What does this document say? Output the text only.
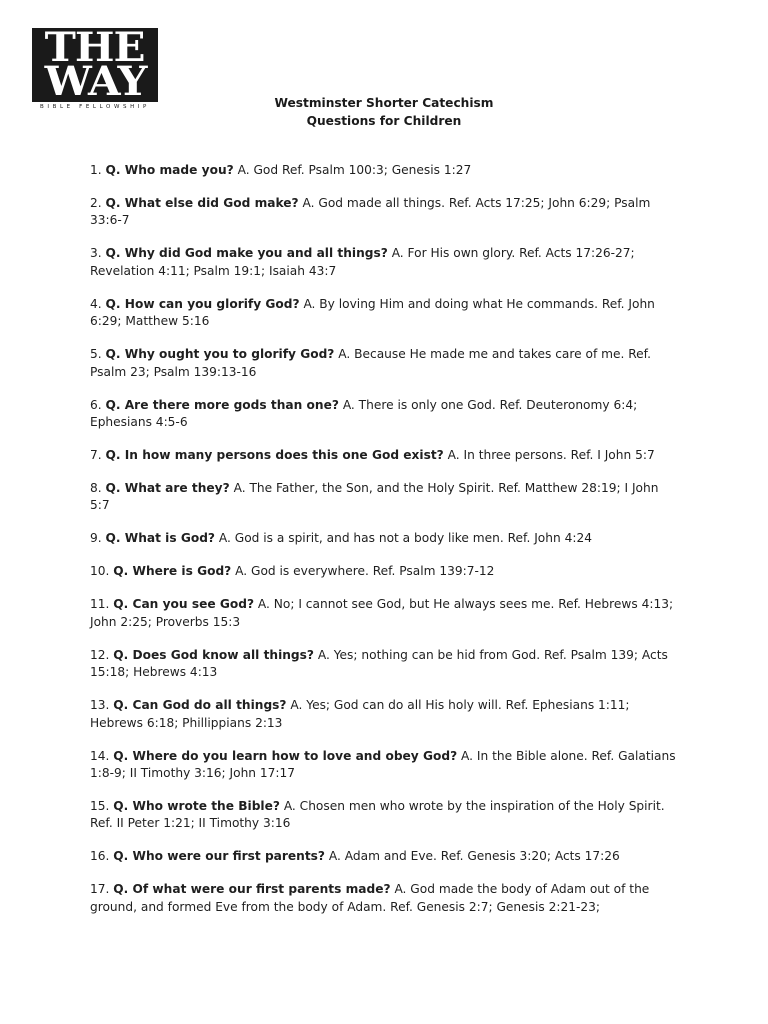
THE
WAY
BIBLE FELLOWSHIP	Westminster Shorter Catechism
Questions for Children
1. Q. Who made you? A. God Ref. Psalm 100:3; Genesis 1:27
2. Q. What else did God make? A. God made all things. Ref. Acts 17:25; John 6:29; Psalm 33:6-7
3. Q. Why did God make you and all things? A. For His own glory. Ref. Acts 17:26-27; Revelation 4:11; Psalm 19:1; Isaiah 43:7
4. Q. How can you glorify God? A. By loving Him and doing what He commands. Ref. John 6:29; Matthew 5:16
5. Q. Why ought you to glorify God? A. Because He made me and takes care of me. Ref. Psalm 23; Psalm 139:13-16
6. Q. Are there more gods than one? A. There is only one God. Ref. Deuteronomy 6:4; Ephesians 4:5-6
7. Q. In how many persons does this one God exist? A. In three persons. Ref. I John 5:7
8. Q. What are they? A. The Father, the Son, and the Holy Spirit. Ref. Matthew 28:19; I John 5:7
9. Q. What is God? A. God is a spirit, and has not a body like men. Ref. John 4:24
10. Q. Where is God? A. God is everywhere. Ref. Psalm 139:7-12
11. Q. Can you see God? A. No; I cannot see God, but He always sees me. Ref. Hebrews 4:13; John 2:25; Proverbs 15:3
12. Q. Does God know all things? A. Yes; nothing can be hid from God. Ref. Psalm 139; Acts 15:18; Hebrews 4:13
13. Q. Can God do all things? A. Yes; God can do all His holy will. Ref. Ephesians 1:11; Hebrews 6:18; Phillippians 2:13
14. Q. Where do you learn how to love and obey God? A. In the Bible alone. Ref. Galatians 1:8-9; II Timothy 3:16; John 17:17
15. Q. Who wrote the Bible? A. Chosen men who wrote by the inspiration of the Holy Spirit. Ref. II Peter 1:21; II Timothy 3:16
16. Q. Who were our first parents? A. Adam and Eve. Ref. Genesis 3:20; Acts 17:26
17. Q. Of what were our first parents made? A. God made the body of Adam out of the ground, and formed Eve from the body of Adam. Ref. Genesis 2:7; Genesis 2:21-23;
